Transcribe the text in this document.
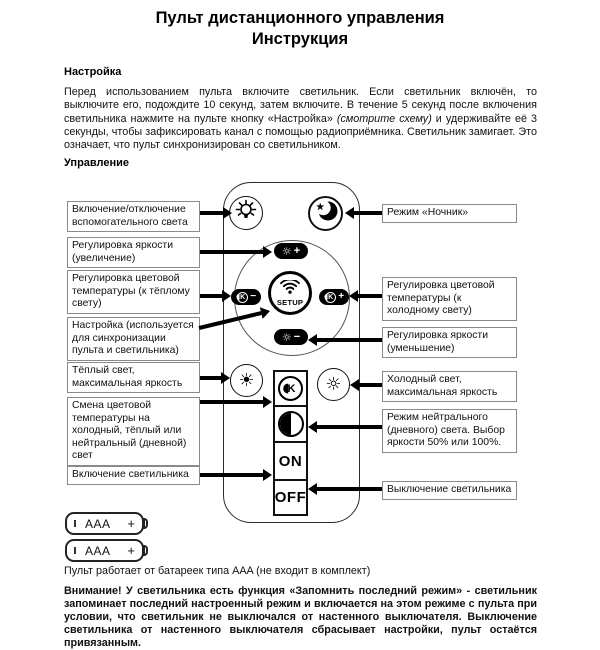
Пульт дистанционного управления
Инструкция
Настройка
Перед использованием пульта включите светильник. Если светильник включён, то выключите его, подождите 10 секунд, затем включите. В течение 5 секунд после включения светильника нажмите на пульте кнопку «Настройка» (смотрите схему) и удерживайте её 3 секунды, чтобы зафиксировать канал с помощью радиоприёмника. Светильник замигает. Это означает, что пульт синхронизирован со светильником.
Управление
☼ +
◖ K −	◖ K +
☼ −
SETUP
☀	☼
◖
K
ON
OFF
Включение/отключение вспомогательного света
Регулировка яркости (увеличение)
Регулировка цветовой температуры (к тёплому свету)
Настройка (используется для синхронизации пульта и светильника)
Тёплый свет, максимальная яркость
Смена цветовой температуры на холодный, тёплый или нейтральный (дневной) свет
Включение светильника
Режим «Ночник»
Регулировка цветовой температуры (к холодному свету)
Регулировка яркости (уменьшение)
Холодный свет, максимальная яркость
Режим нейтрального (дневного) света. Выбор яркости 50% или 100%.
Выключение светильника
AAA +
AAA +
Пульт работает от батареек типа AAA (не входит в комплект)
Внимание! У светильника есть функция «Запомнить последний режим» - светильник запоминает последний настроенный режим и включается на этом режиме с пульта при условии, что светильник не выключался от настенного выключателя. Выключение светильника от настенного выключателя сбрасывает настройки, пульт остаётся привязанным.
